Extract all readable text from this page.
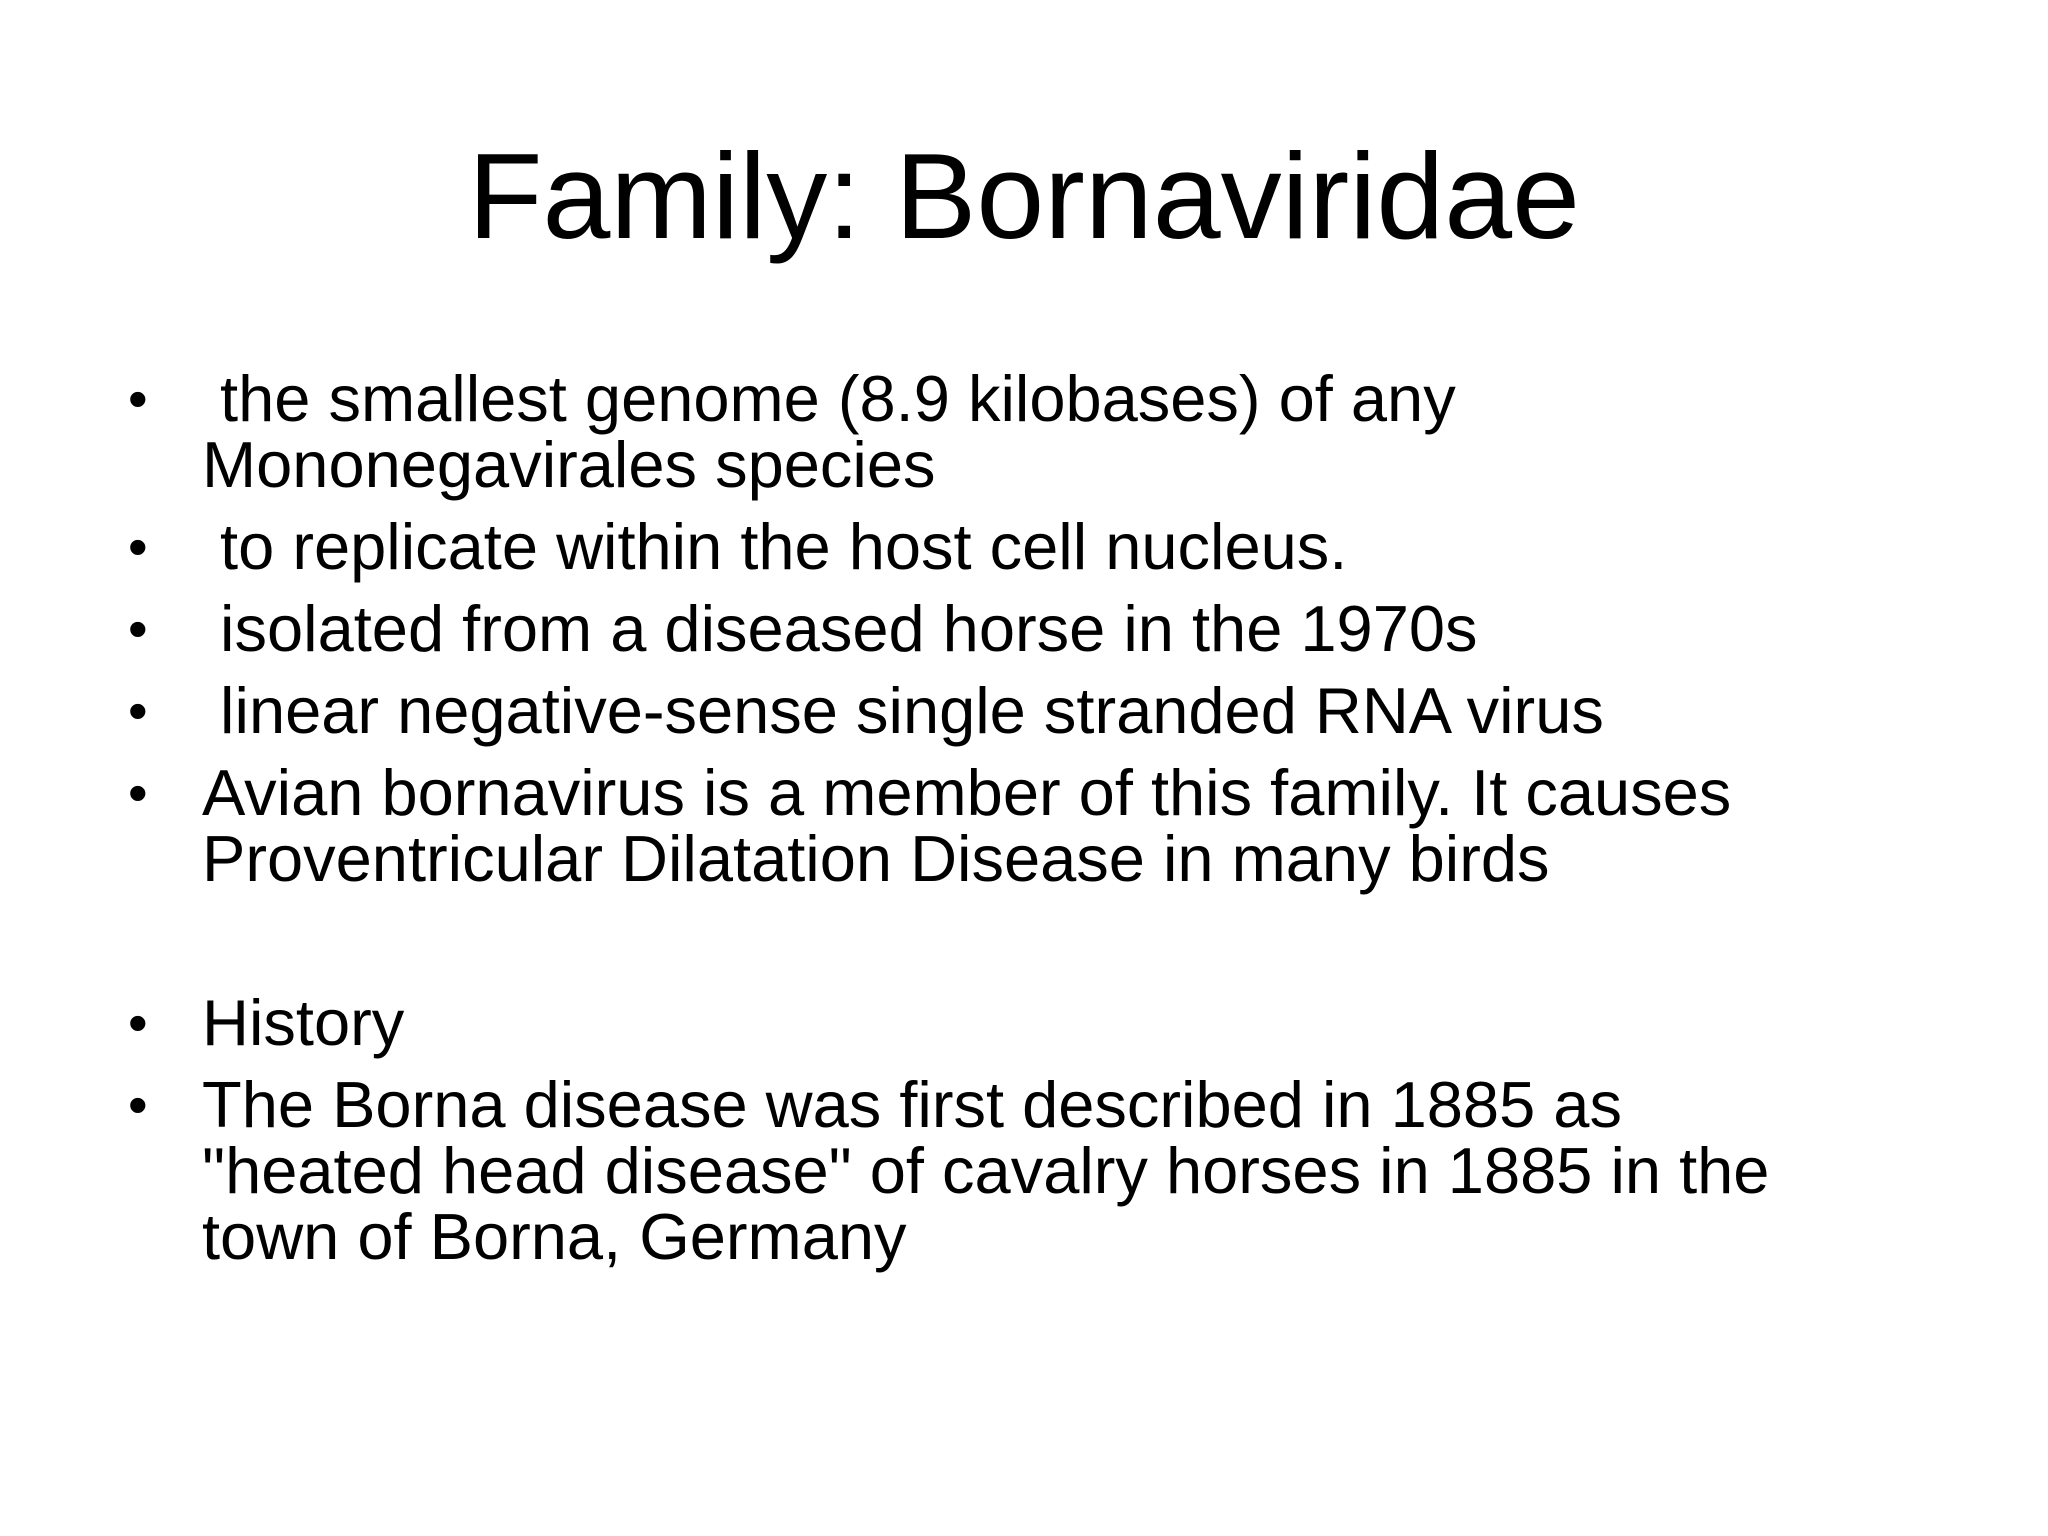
Family: Bornaviridae
• the smallest genome (8.9 kilobases) of any
Mononegavirales species
• to replicate within the host cell nucleus.
• isolated from a diseased horse in the 1970s
• linear negative-sense single stranded RNA virus
• Avian bornavirus is a member of this family. It causes
Proventricular Dilatation Disease in many birds
• History
• The Borna disease was first described in 1885 as
"heated head disease" of cavalry horses in 1885 in the
town of Borna, Germany
